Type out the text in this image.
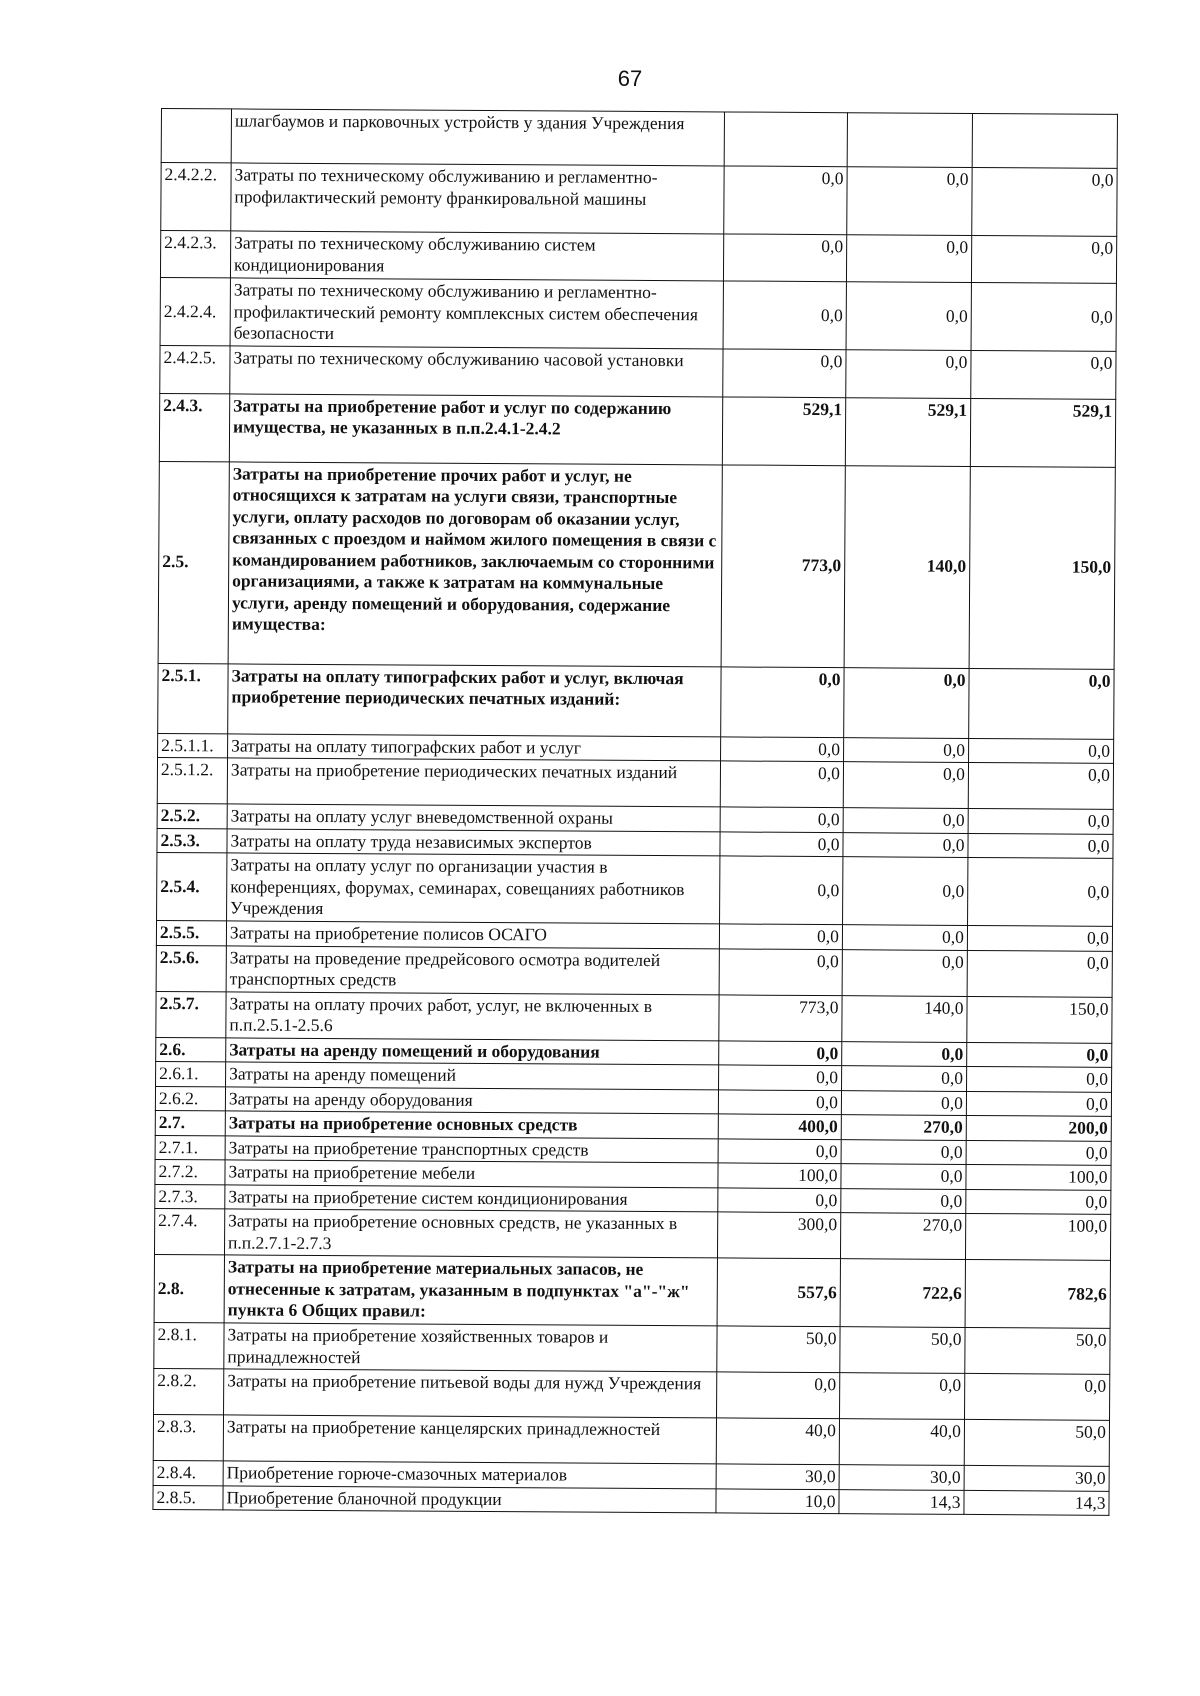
67
	шлагбаумов и парковочных устройств у здания Учреждения			
2.4.2.2.	Затраты по техническому обслуживанию и регламентно-профилактический ремонту франкировальной машины	0,0	0,0	0,0
2.4.2.3.	Затраты по техническому обслуживанию систем кондиционирования	0,0	0,0	0,0
2.4.2.4.	Затраты по техническому обслуживанию и регламентно-профилактический ремонту комплексных систем обеспечения безопасности	0,0	0,0	0,0
2.4.2.5.	Затраты по техническому обслуживанию часовой установки	0,0	0,0	0,0
2.4.3.	Затраты на приобретение работ и услуг по содержанию имущества, не указанных в п.п.2.4.1-2.4.2	529,1	529,1	529,1
2.5.	Затраты на приобретение прочих работ и услуг, не относящихся к затратам на услуги связи, транспортные услуги, оплату расходов по договорам об оказании услуг, связанных с проездом и наймом жилого помещения в связи с командированием работников, заключаемым со сторонними организациями, а также к затратам на коммунальные услуги, аренду помещений и оборудования, содержание имущества:	773,0	140,0	150,0
2.5.1.	Затраты на оплату типографских работ и услуг, включая приобретение периодических печатных изданий:	0,0	0,0	0,0
2.5.1.1.	Затраты на оплату типографских работ и услуг	0,0	0,0	0,0
2.5.1.2.	Затраты на приобретение периодических печатных изданий	0,0	0,0	0,0
2.5.2.	Затраты на оплату услуг вневедомственной охраны	0,0	0,0	0,0
2.5.3.	Затраты на оплату труда независимых экспертов	0,0	0,0	0,0
2.5.4.	Затраты на оплату услуг по организации участия в конференциях, форумах, семинарах, совещаниях работников Учреждения	0,0	0,0	0,0
2.5.5.	Затраты на приобретение полисов ОСАГО	0,0	0,0	0,0
2.5.6.	Затраты на проведение предрейсового осмотра водителей транспортных средств	0,0	0,0	0,0
2.5.7.	Затраты на оплату прочих работ, услуг, не включенных в п.п.2.5.1-2.5.6	773,0	140,0	150,0
2.6.	Затраты на аренду помещений и оборудования	0,0	0,0	0,0
2.6.1.	Затраты на аренду помещений	0,0	0,0	0,0
2.6.2.	Затраты на аренду оборудования	0,0	0,0	0,0
2.7.	Затраты на приобретение основных средств	400,0	270,0	200,0
2.7.1.	Затраты на приобретение транспортных средств	0,0	0,0	0,0
2.7.2.	Затраты на приобретение мебели	100,0	0,0	100,0
2.7.3.	Затраты на приобретение систем кондиционирования	0,0	0,0	0,0
2.7.4.	Затраты на приобретение основных средств, не указанных в п.п.2.7.1-2.7.3	300,0	270,0	100,0
2.8.	Затраты на приобретение материальных запасов, не отнесенные к затратам, указанным в подпунктах "а"-"ж" пункта 6 Общих правил:	557,6	722,6	782,6
2.8.1.	Затраты на приобретение хозяйственных товаров и принадлежностей	50,0	50,0	50,0
2.8.2.	Затраты на приобретение питьевой воды для нужд Учреждения	0,0	0,0	0,0
2.8.3.	Затраты на приобретение канцелярских принадлежностей	40,0	40,0	50,0
2.8.4.	Приобретение горюче-смазочных материалов	30,0	30,0	30,0
2.8.5.	Приобретение бланочной продукции	10,0	14,3	14,3
